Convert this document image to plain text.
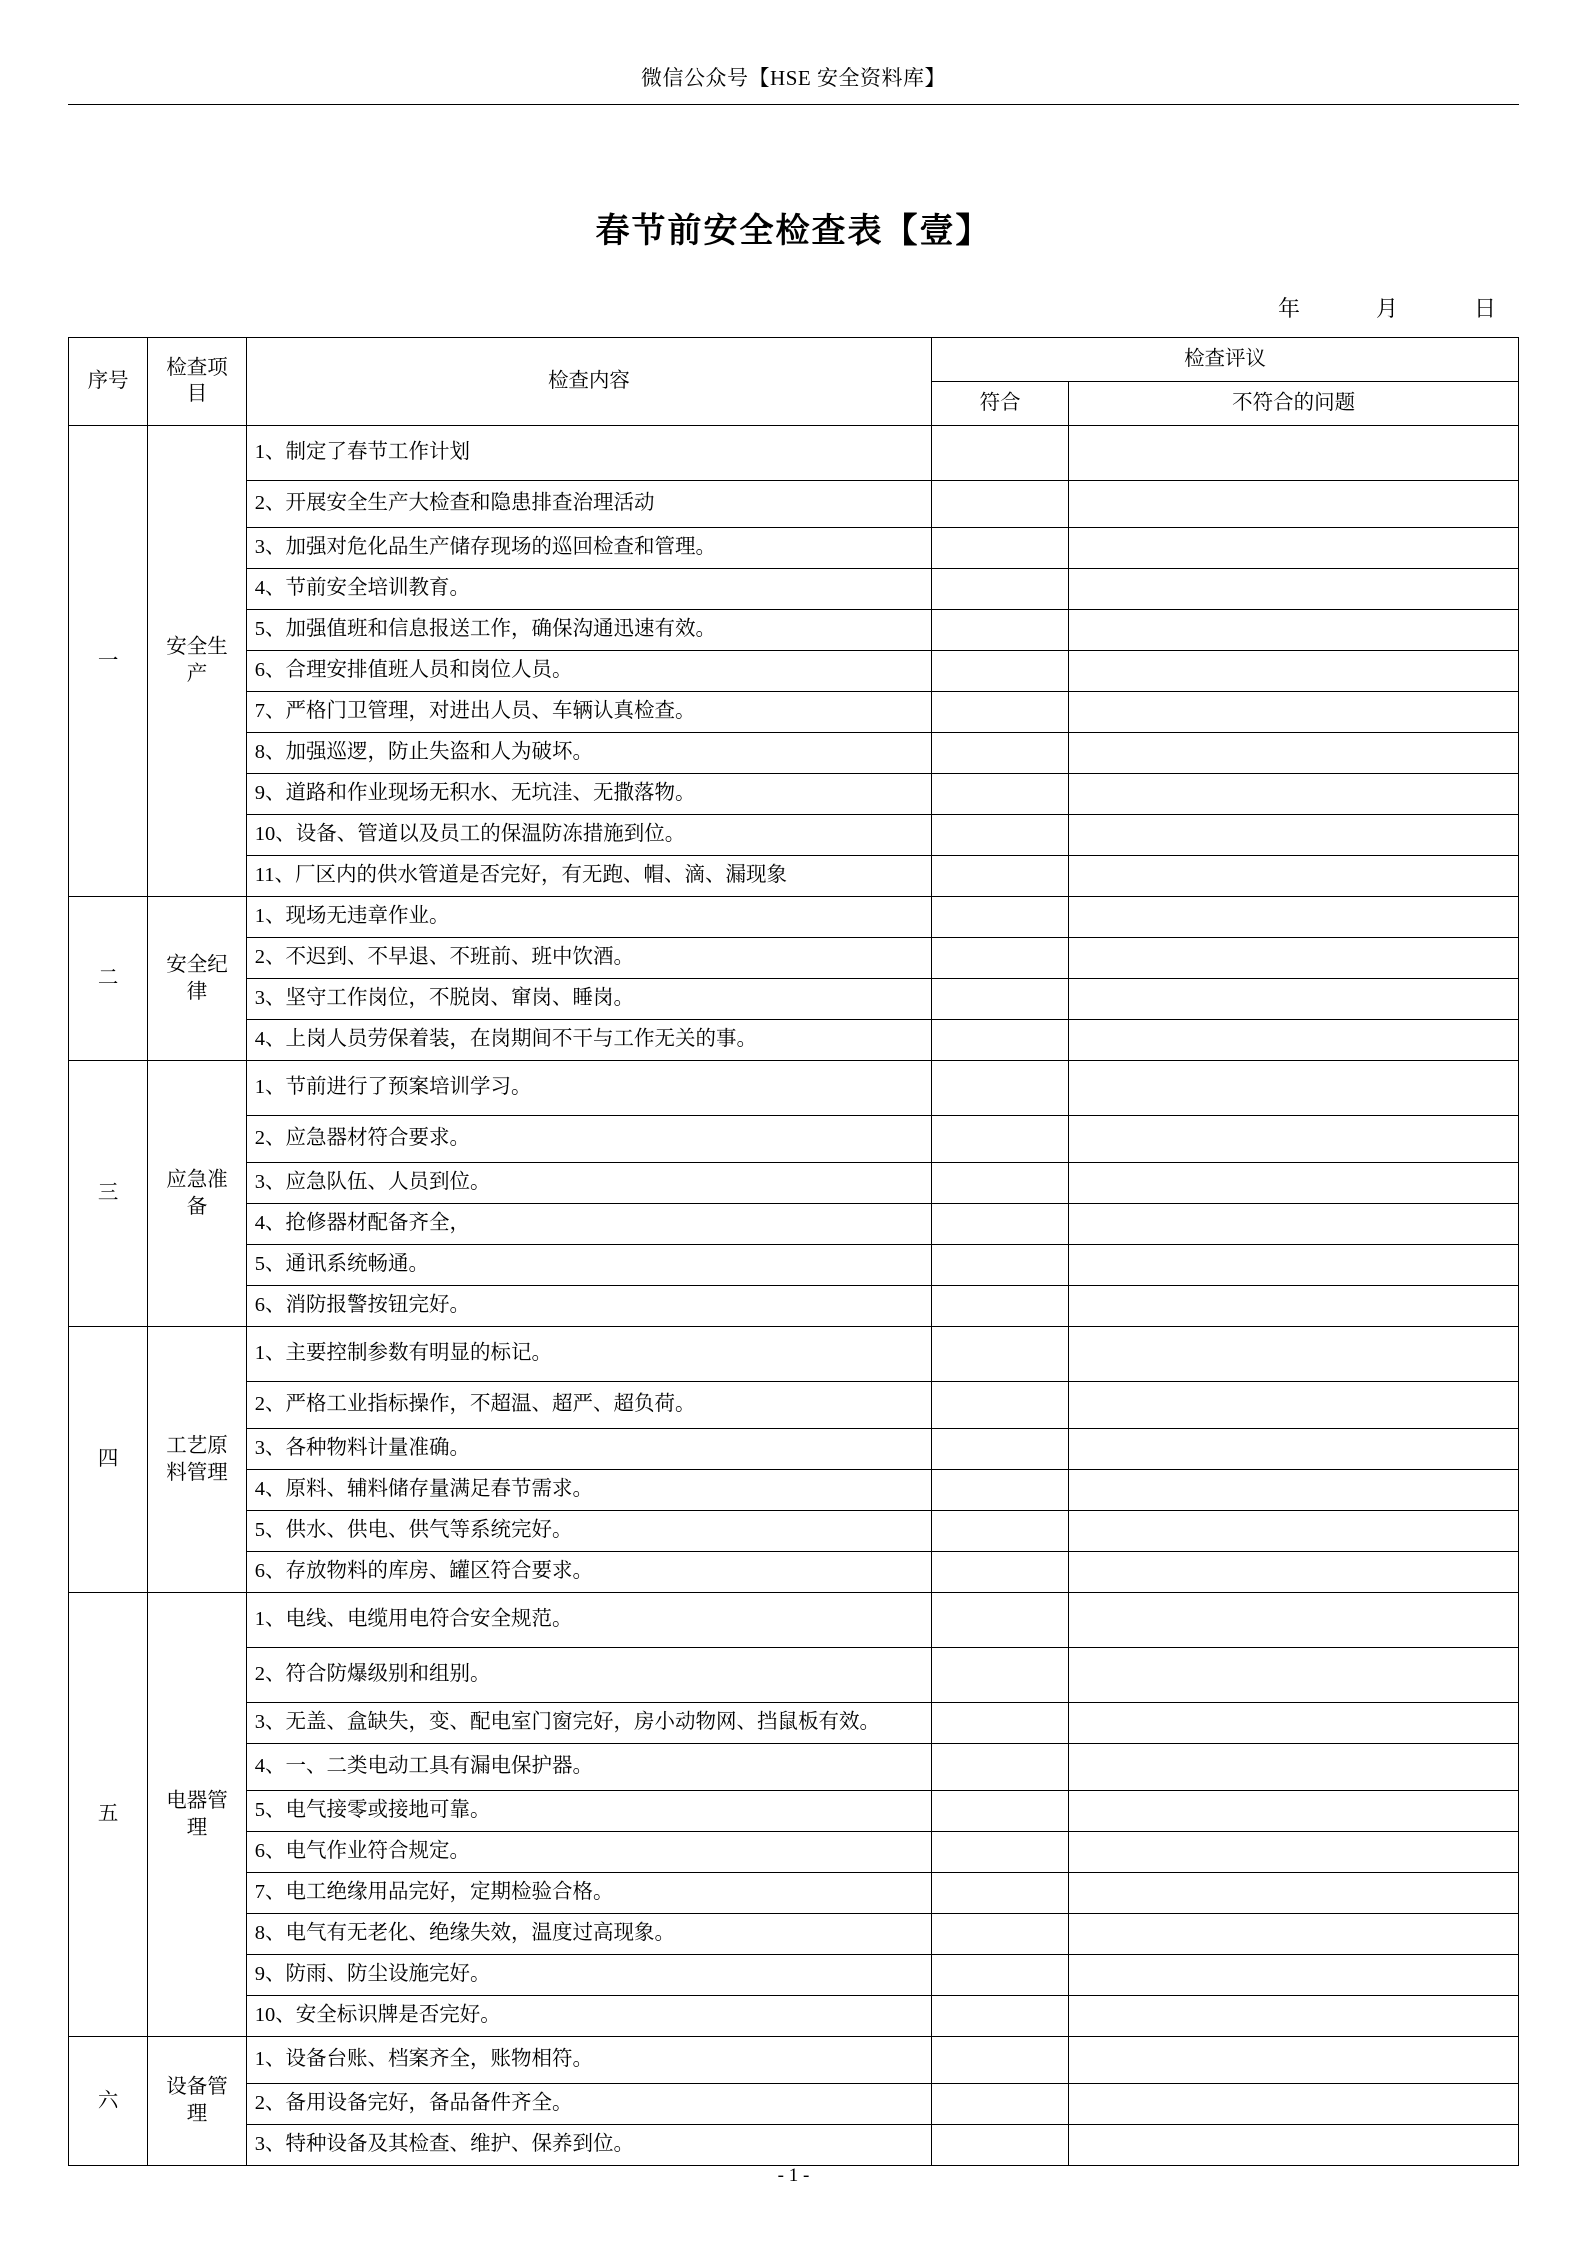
微信公众号【HSE 安全资料库】
春节前安全检查表【壹】
年	月	日
序号	检查项目	检查内容	检查评议	
			符合	不符合的问题
一	安全生产	1、制定了春节工作计划		
		2、开展安全生产大检查和隐患排查治理活动		
		3、加强对危化品生产储存现场的巡回检查和管理。		
		4、节前安全培训教育。		
		5、加强值班和信息报送工作，确保沟通迅速有效。		
		6、合理安排值班人员和岗位人员。		
		7、严格门卫管理，对进出人员、车辆认真检查。		
		8、加强巡逻，防止失盗和人为破坏。		
		9、道路和作业现场无积水、无坑洼、无撒落物。		
		10、设备、管道以及员工的保温防冻措施到位。		
		11、厂区内的供水管道是否完好，有无跑、帽、滴、漏现象		
二	安全纪律	1、现场无违章作业。		
		2、不迟到、不早退、不班前、班中饮酒。		
		3、坚守工作岗位，不脱岗、窜岗、睡岗。		
		4、上岗人员劳保着装，在岗期间不干与工作无关的事。		
三	应急准备	1、节前进行了预案培训学习。		
		2、应急器材符合要求。		
		3、应急队伍、人员到位。		
		4、抢修器材配备齐全，		
		5、通讯系统畅通。		
		6、消防报警按钮完好。		
四	工艺原料管理	1、主要控制参数有明显的标记。		
		2、严格工业指标操作，不超温、超严、超负荷。		
		3、各种物料计量准确。		
		4、原料、辅料储存量满足春节需求。		
		5、供水、供电、供气等系统完好。		
		6、存放物料的库房、罐区符合要求。		
五	电器管理	1、电线、电缆用电符合安全规范。		
		2、符合防爆级别和组别。		
		3、无盖、盒缺失，变、配电室门窗完好，房小动物网、挡鼠板有效。		
		4、一、二类电动工具有漏电保护器。		
		5、电气接零或接地可靠。		
		6、电气作业符合规定。		
		7、电工绝缘用品完好，定期检验合格。		
		8、电气有无老化、绝缘失效，温度过高现象。		
		9、防雨、防尘设施完好。		
		10、安全标识牌是否完好。		
六	设备管理	1、设备台账、档案齐全，账物相符。		
		2、备用设备完好，备品备件齐全。		
		3、特种设备及其检查、维护、保养到位。		
- 1 -
